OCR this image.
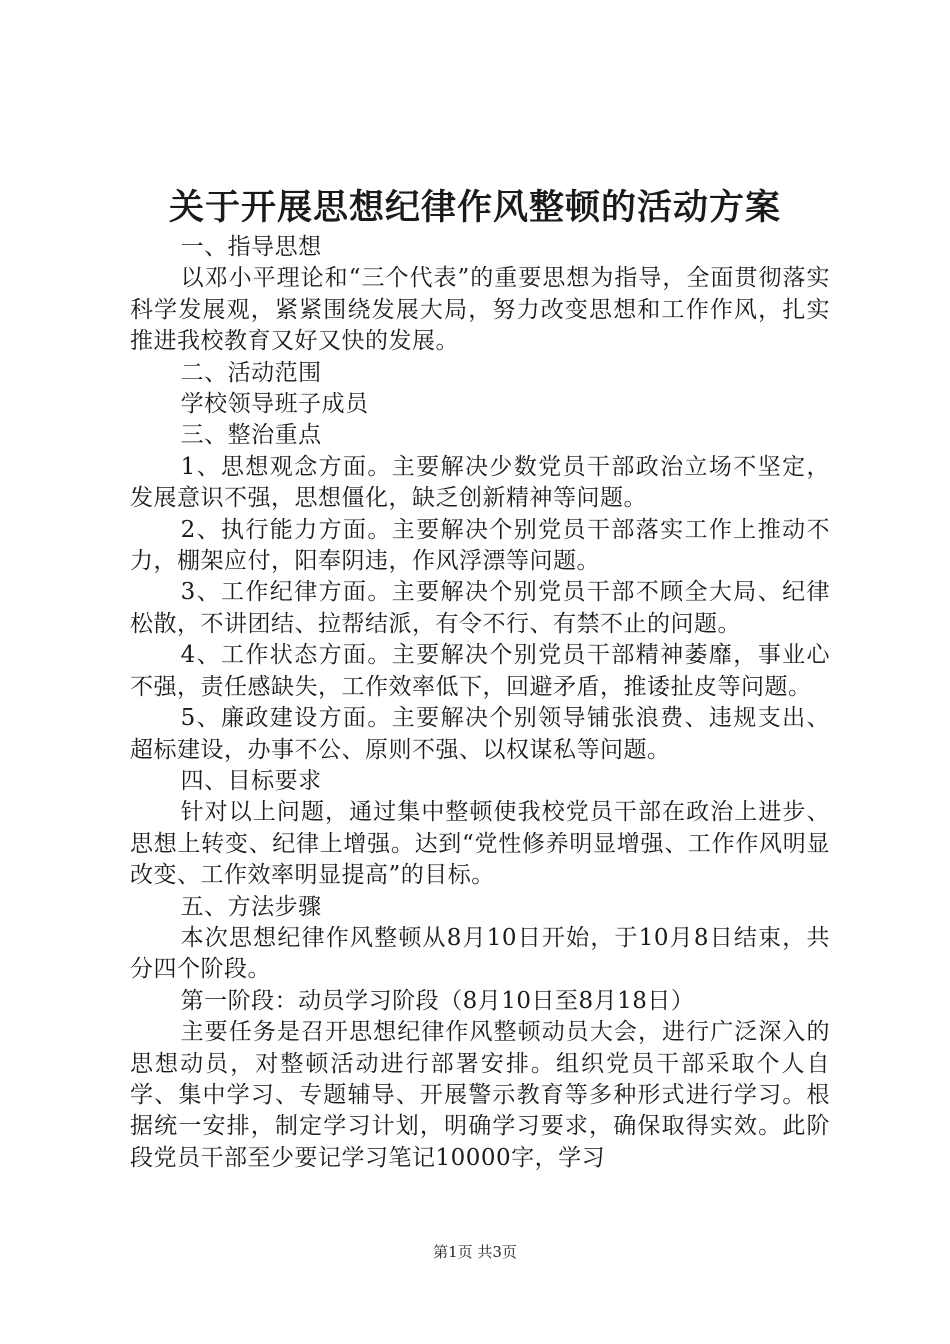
关于开展思想纪律作风整顿的活动方案

一、指导思想

以邓小平理论和“三个代表”的重要思想为指导，全面贯彻落实科学发展观，紧紧围绕发展大局，努力改变思想和工作作风，扎实推进我校教育又好又快的发展。

二、活动范围

学校领导班子成员

三、整治重点

1、思想观念方面。主要解决少数党员干部政治立场不坚定，发展意识不强，思想僵化，缺乏创新精神等问题。

2、执行能力方面。主要解决个别党员干部落实工作上推动不力，棚架应付，阳奉阴违，作风浮漂等问题。

3、工作纪律方面。主要解决个别党员干部不顾全大局、纪律松散，不讲团结、拉帮结派，有令不行、有禁不止的问题。

4、工作状态方面。主要解决个别党员干部精神萎靡，事业心不强，责任感缺失，工作效率低下，回避矛盾，推诿扯皮等问题。

5、廉政建设方面。主要解决个别领导铺张浪费、违规支出、超标建设，办事不公、原则不强、以权谋私等问题。

四、目标要求

针对以上问题，通过集中整顿使我校党员干部在政治上进步、思想上转变、纪律上增强。达到“党性修养明显增强、工作作风明显改变、工作效率明显提高”的目标。

五、方法步骤

本次思想纪律作风整顿从8月10日开始，于10月8日结束，共分四个阶段。

第一阶段：动员学习阶段（8月10日至8月18日）

主要任务是召开思想纪律作风整顿动员大会，进行广泛深入的思想动员，对整顿活动进行部署安排。组织党员干部采取个人自学、集中学习、专题辅导、开展警示教育等多种形式进行学习。根据统一安排，制定学习计划，明确学习要求，确保取得实效。此阶段党员干部至少要记学习笔记10000字，学习

第1页 共3页
